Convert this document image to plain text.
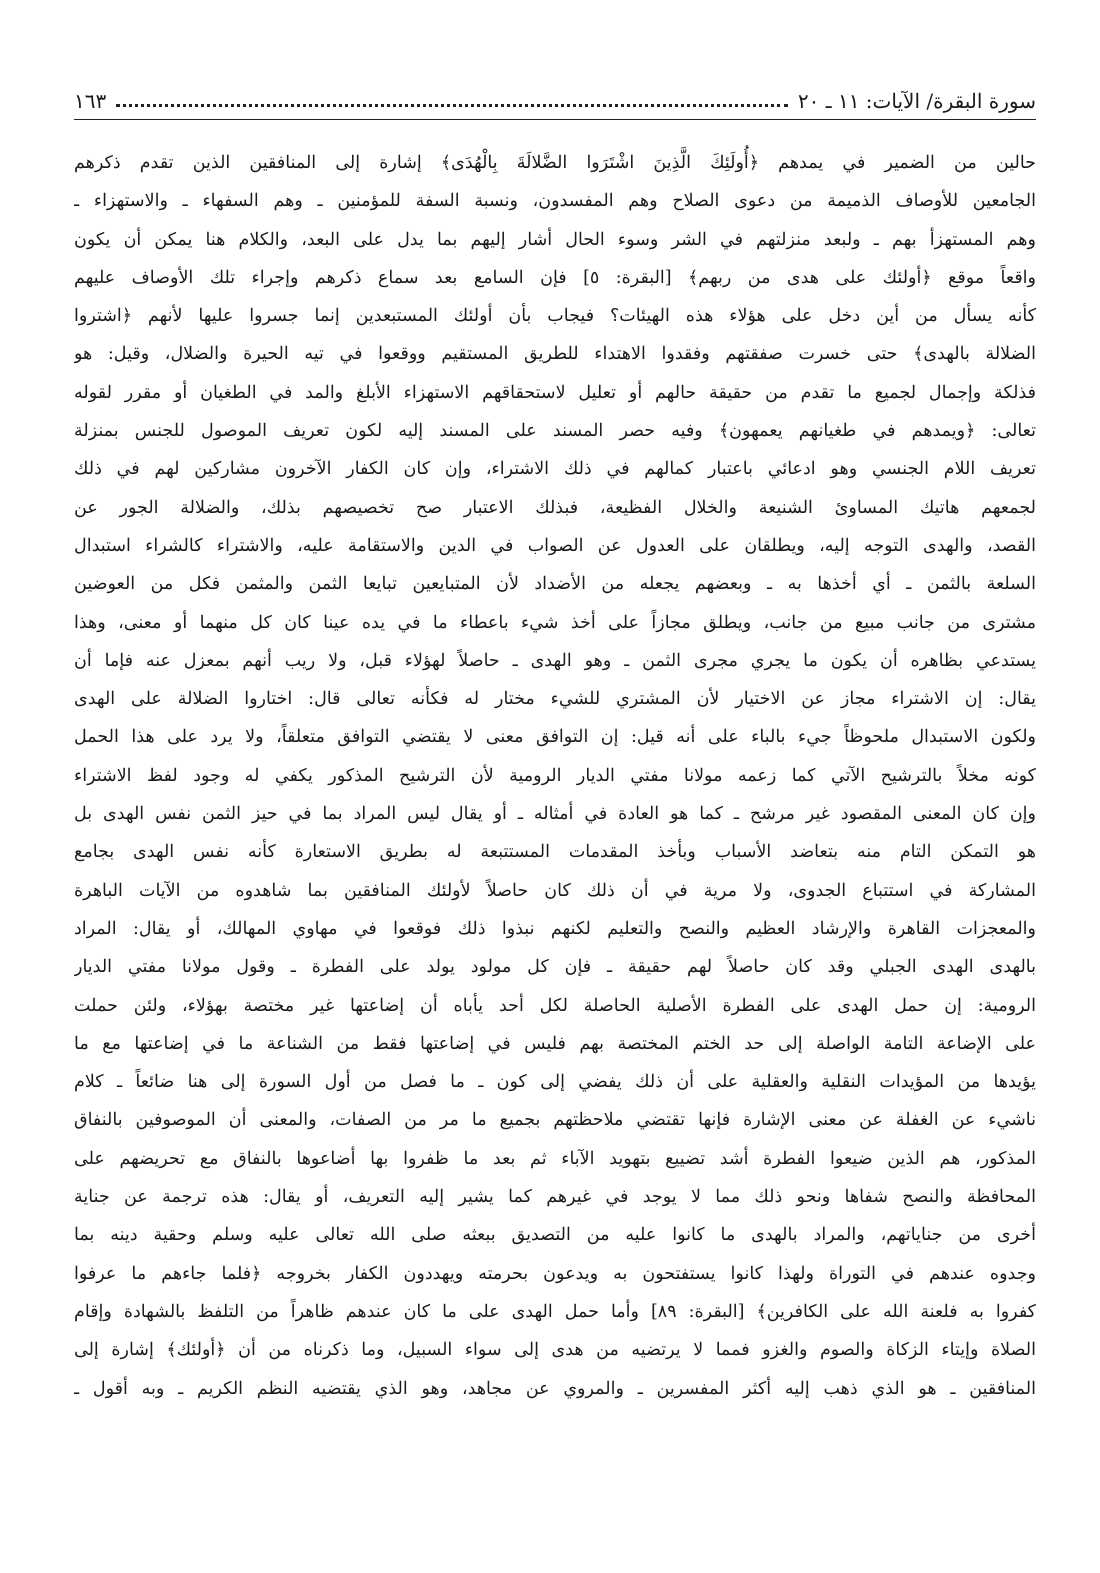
سورة البقرة/ الآيات: ١١ ـ ٢٠
١٦٣
حالين من الضمير في يمدهم ﴿أُولَئِكَ الَّذِينَ اشْتَرَوا الضَّلالَةَ بِالْهُدَى﴾ إشارة إلى المنافقين الذين تقدم ذكرهم
الجامعين للأوصاف الذميمة من دعوى الصلاح وهم المفسدون، ونسبة السفة للمؤمنين ـ وهم السفهاء ـ والاستهزاء ـ
وهم المستهزأ بهم ـ ولبعد منزلتهم في الشر وسوء الحال أشار إليهم بما يدل على البعد، والكلام هنا يمكن أن يكون
واقعاً موقع ﴿أولئك على هدى من ربهم﴾ [البقرة: ٥] فإن السامع بعد سماع ذكرهم وإجراء تلك الأوصاف عليهم
كأنه يسأل من أين دخل على هؤلاء هذه الهيئات؟ فيجاب بأن أولئك المستبعدين إنما جسروا عليها لأنهم ﴿اشتروا
الضلالة بالهدى﴾ حتى خسرت صفقتهم وفقدوا الاهتداء للطريق المستقيم ووقعوا في تيه الحيرة والضلال، وقيل: هو
فذلكة وإجمال لجميع ما تقدم من حقيقة حالهم أو تعليل لاستحقاقهم الاستهزاء الأبلغ والمد في الطغيان أو مقرر لقوله
تعالى: ﴿ويمدهم في طغيانهم يعمهون﴾ وفيه حصر المسند على المسند إليه لكون تعريف الموصول للجنس بمنزلة
تعريف اللام الجنسي وهو ادعائي باعتبار كمالهم في ذلك الاشتراء، وإن كان الكفار الآخرون مشاركين لهم في ذلك
لجمعهم هاتيك المساوئ الشنيعة والخلال الفظيعة، فبذلك الاعتبار صح تخصيصهم بذلك، والضلالة الجور عن
القصد، والهدى التوجه إليه، ويطلقان على العدول عن الصواب في الدين والاستقامة عليه، والاشتراء كالشراء استبدال
السلعة بالثمن ـ أي أخذها به ـ وبعضهم يجعله من الأضداد لأن المتبايعين تبايعا الثمن والمثمن فكل من العوضين
مشترى من جانب مبيع من جانب، ويطلق مجازاً على أخذ شيء باعطاء ما في يده عينا كان كل منهما أو معنى، وهذا
يستدعي بظاهره أن يكون ما يجري مجرى الثمن ـ وهو الهدى ـ حاصلاً لهؤلاء قبل، ولا ريب أنهم بمعزل عنه فإما أن
يقال: إن الاشتراء مجاز عن الاختيار لأن المشتري للشيء مختار له فكأنه تعالى قال: اختاروا الضلالة على الهدى
ولكون الاستبدال ملحوظاً جيء بالباء على أنه قيل: إن التوافق معنى لا يقتضي التوافق متعلقاً، ولا يرد على هذا الحمل
كونه مخلاً بالترشيح الآتي كما زعمه مولانا مفتي الديار الرومية لأن الترشيح المذكور يكفي له وجود لفظ الاشتراء
وإن كان المعنى المقصود غير مرشح ـ كما هو العادة في أمثاله ـ أو يقال ليس المراد بما في حيز الثمن نفس الهدى بل
هو التمكن التام منه بتعاضد الأسباب وبأخذ المقدمات المستتبعة له بطريق الاستعارة كأنه نفس الهدى بجامع
المشاركة في استتباع الجدوى، ولا مرية في أن ذلك كان حاصلاً لأولئك المنافقين بما شاهدوه من الآيات الباهرة
والمعجزات القاهرة والإرشاد العظيم والنصح والتعليم لكنهم نبذوا ذلك فوقعوا في مهاوي المهالك، أو يقال: المراد
بالهدى الهدى الجبلي وقد كان حاصلاً لهم حقيقة ـ فإن كل مولود يولد على الفطرة ـ وقول مولانا مفتي الديار
الرومية: إن حمل الهدى على الفطرة الأصلية الحاصلة لكل أحد يأباه أن إضاعتها غير مختصة بهؤلاء، ولئن حملت
على الإضاعة التامة الواصلة إلى حد الختم المختصة بهم فليس في إضاعتها فقط من الشناعة ما في إضاعتها مع ما
يؤيدها من المؤيدات النقلية والعقلية على أن ذلك يفضي إلى كون ـ ما فصل من أول السورة إلى هنا ضائعاً ـ كلام
ناشيء عن الغفلة عن معنى الإشارة فإنها تقتضي ملاحظتهم بجميع ما مر من الصفات، والمعنى أن الموصوفين بالنفاق
المذكور، هم الذين ضيعوا الفطرة أشد تضييع بتهويد الآباء ثم بعد ما ظفروا بها أضاعوها بالنفاق مع تحريضهم على
المحافظة والنصح شفاها ونحو ذلك مما لا يوجد في غيرهم كما يشير إليه التعريف، أو يقال: هذه ترجمة عن جناية
أخرى من جناياتهم، والمراد بالهدى ما كانوا عليه من التصديق ببعثه صلى الله تعالى عليه وسلم وحقية دينه بما
وجدوه عندهم في التوراة ولهذا كانوا يستفتحون به ويدعون بحرمته ويهددون الكفار بخروجه ﴿فلما جاءهم ما عرفوا
كفروا به فلعنة الله على الكافرين﴾ [البقرة: ٨٩] وأما حمل الهدى على ما كان عندهم ظاهراً من التلفظ بالشهادة وإقام
الصلاة وإيتاء الزكاة والصوم والغزو فمما لا يرتضيه من هدى إلى سواء السبيل، وما ذكرناه من أن ﴿أولئك﴾ إشارة إلى
المنافقين ـ هو الذي ذهب إليه أكثر المفسرين ـ والمروي عن مجاهد، وهو الذي يقتضيه النظم الكريم ـ وبه أقول ـ
